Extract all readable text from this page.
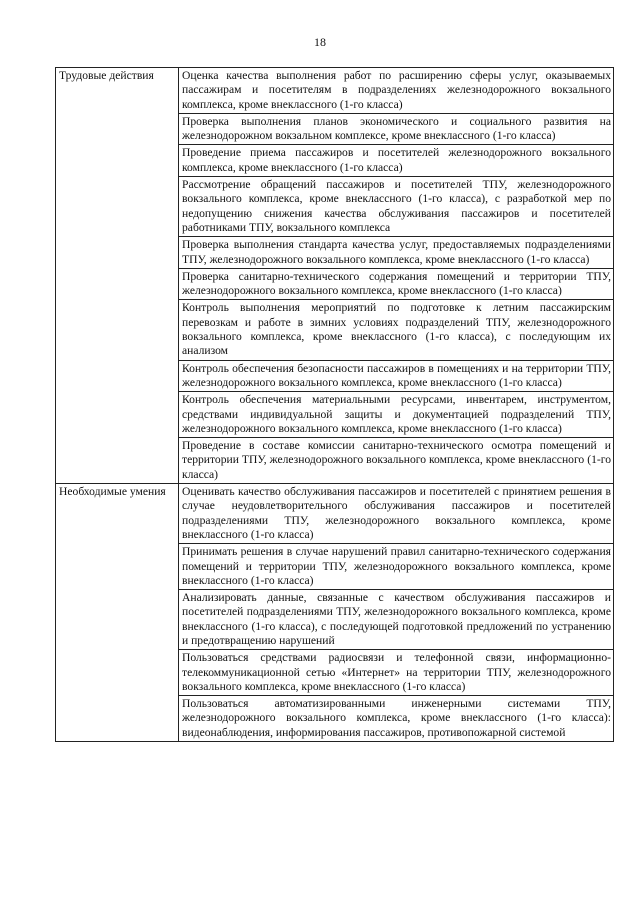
18
Трудовые действия	Оценка качества выполнения работ по расширению сферы услуг, оказываемых пассажирам и посетителям в подразделениях железнодорожного вокзального комплекса, кроме внеклассного (1-го класса)
	Проверка выполнения планов экономического и социального развития на железнодорожном вокзальном комплексе, кроме внеклассного (1-го класса)
	Проведение приема пассажиров и посетителей железнодорожного вокзального комплекса, кроме внеклассного (1-го класса)
	Рассмотрение обращений пассажиров и посетителей ТПУ, железнодорожного вокзального комплекса, кроме внеклассного (1-го класса), с разработкой мер по недопущению снижения качества обслуживания пассажиров и посетителей работниками ТПУ, вокзального комплекса
	Проверка выполнения стандарта качества услуг, предоставляемых подразделениями ТПУ, железнодорожного вокзального комплекса, кроме внеклассного (1-го класса)
	Проверка санитарно-технического содержания помещений и территории ТПУ, железнодорожного вокзального комплекса, кроме внеклассного (1-го класса)
	Контроль выполнения мероприятий по подготовке к летним пассажирским перевозкам и работе в зимних условиях подразделений ТПУ, железнодорожного вокзального комплекса, кроме внеклассного (1-го класса), с последующим их анализом
	Контроль обеспечения безопасности пассажиров в помещениях и на территории ТПУ, железнодорожного вокзального комплекса, кроме внеклассного (1-го класса)
	Контроль обеспечения материальными ресурсами, инвентарем, инструментом, средствами индивидуальной защиты и документацией подразделений ТПУ, железнодорожного вокзального комплекса, кроме внеклассного (1-го класса)
	Проведение в составе комиссии санитарно-технического осмотра помещений и территории ТПУ, железнодорожного вокзального комплекса, кроме внеклассного (1-го класса)
Необходимые умения	Оценивать качество обслуживания пассажиров и посетителей с принятием решения в случае неудовлетворительного обслуживания пассажиров и посетителей подразделениями ТПУ, железнодорожного вокзального комплекса, кроме внеклассного (1-го класса)
	Принимать решения в случае нарушений правил санитарно-технического содержания помещений и территории ТПУ, железнодорожного вокзального комплекса, кроме внеклассного (1-го класса)
	Анализировать данные, связанные с качеством обслуживания пассажиров и посетителей подразделениями ТПУ, железнодорожного вокзального комплекса, кроме внеклассного (1-го класса), с последующей подготовкой предложений по устранению и предотвращению нарушений
	Пользоваться средствами радиосвязи и телефонной связи, информационно-телекоммуникационной сетью «Интернет» на территории ТПУ, железнодорожного вокзального комплекса, кроме внеклассного (1-го класса)
	Пользоваться автоматизированными инженерными системами ТПУ, железнодорожного вокзального комплекса, кроме внеклассного (1-го класса): видеонаблюдения, информирования пассажиров, противопожарной системой
